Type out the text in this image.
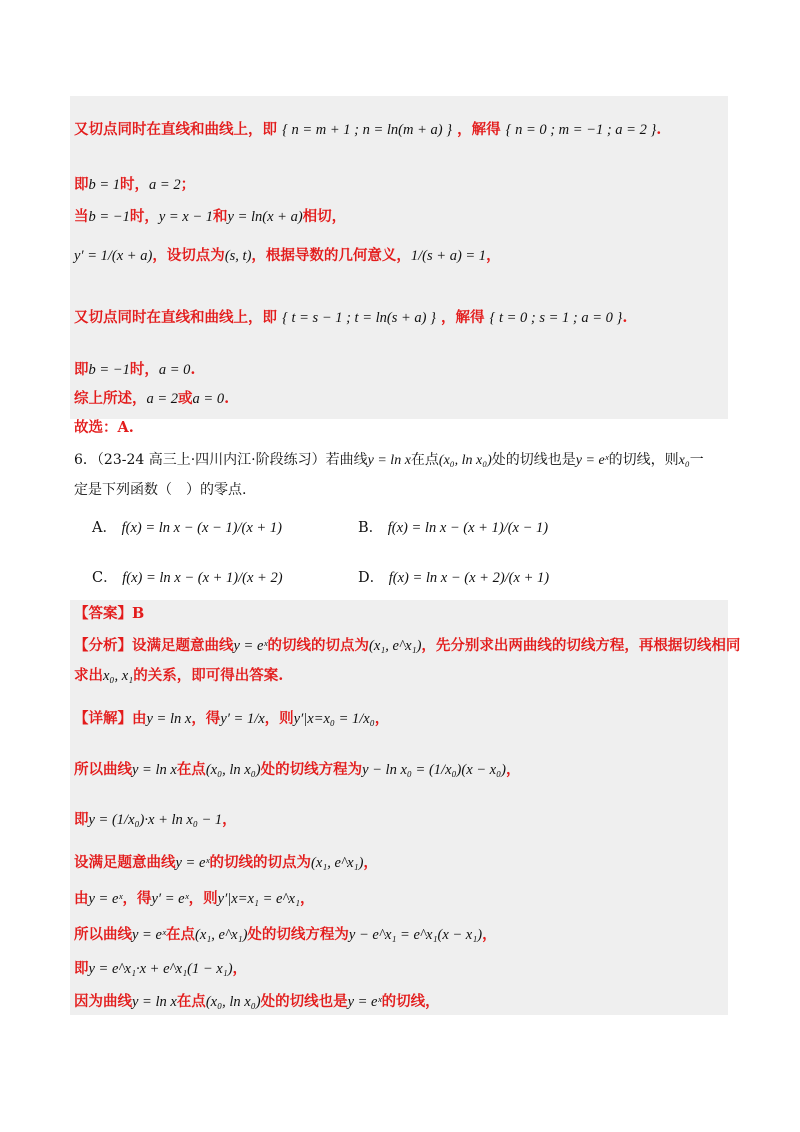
又切点同时在直线和曲线上，即 { n = m + 1 ; n = ln(m + a) } ，解得 { n = 0 ; m = −1 ; a = 2 }.
即b = 1时，a = 2；
当b = −1时，y = x − 1和y = ln(x + a)相切，
y′ = 1/(x + a)，设切点为(s, t)，根据导数的几何意义，1/(s + a) = 1，
又切点同时在直线和曲线上，即 { t = s − 1 ; t = ln(s + a) } ，解得 { t = 0 ; s = 1 ; a = 0 }.
即b = −1时，a = 0.
综上所述，a = 2或a = 0.
故选：A.
6．（23-24 高三上·四川内江·阶段练习）若曲线y = ln x在点(x₀, ln x₀)处的切线也是y = eˣ的切线，则x₀一
定是下列函数（　）的零点.
A． f(x) = ln x − (x − 1)/(x + 1)	B． f(x) = ln x − (x + 1)/(x − 1)
C． f(x) = ln x − (x + 1)/(x + 2)	D． f(x) = ln x − (x + 2)/(x + 1)
【答案】B
【分析】设满足题意曲线y = eˣ的切线的切点为(x₁, e^x₁)，先分别求出两曲线的切线方程，再根据切线相同
求出x₀, x₁的关系，即可得出答案.
【详解】由y = ln x，得y′ = 1/x，则y′|x=x₀ = 1/x₀，
所以曲线y = ln x在点(x₀, ln x₀)处的切线方程为y − ln x₀ = (1/x₀)(x − x₀)，
即y = (1/x₀)·x + ln x₀ − 1，
设满足题意曲线y = eˣ的切线的切点为(x₁, e^x₁)，
由y = eˣ，得y′ = eˣ，则y′|x=x₁ = e^x₁，
所以曲线y = eˣ在点(x₁, e^x₁)处的切线方程为y − e^x₁ = e^x₁(x − x₁)，
即y = e^x₁·x + e^x₁(1 − x₁)，
因为曲线y = ln x在点(x₀, ln x₀)处的切线也是y = eˣ的切线，
